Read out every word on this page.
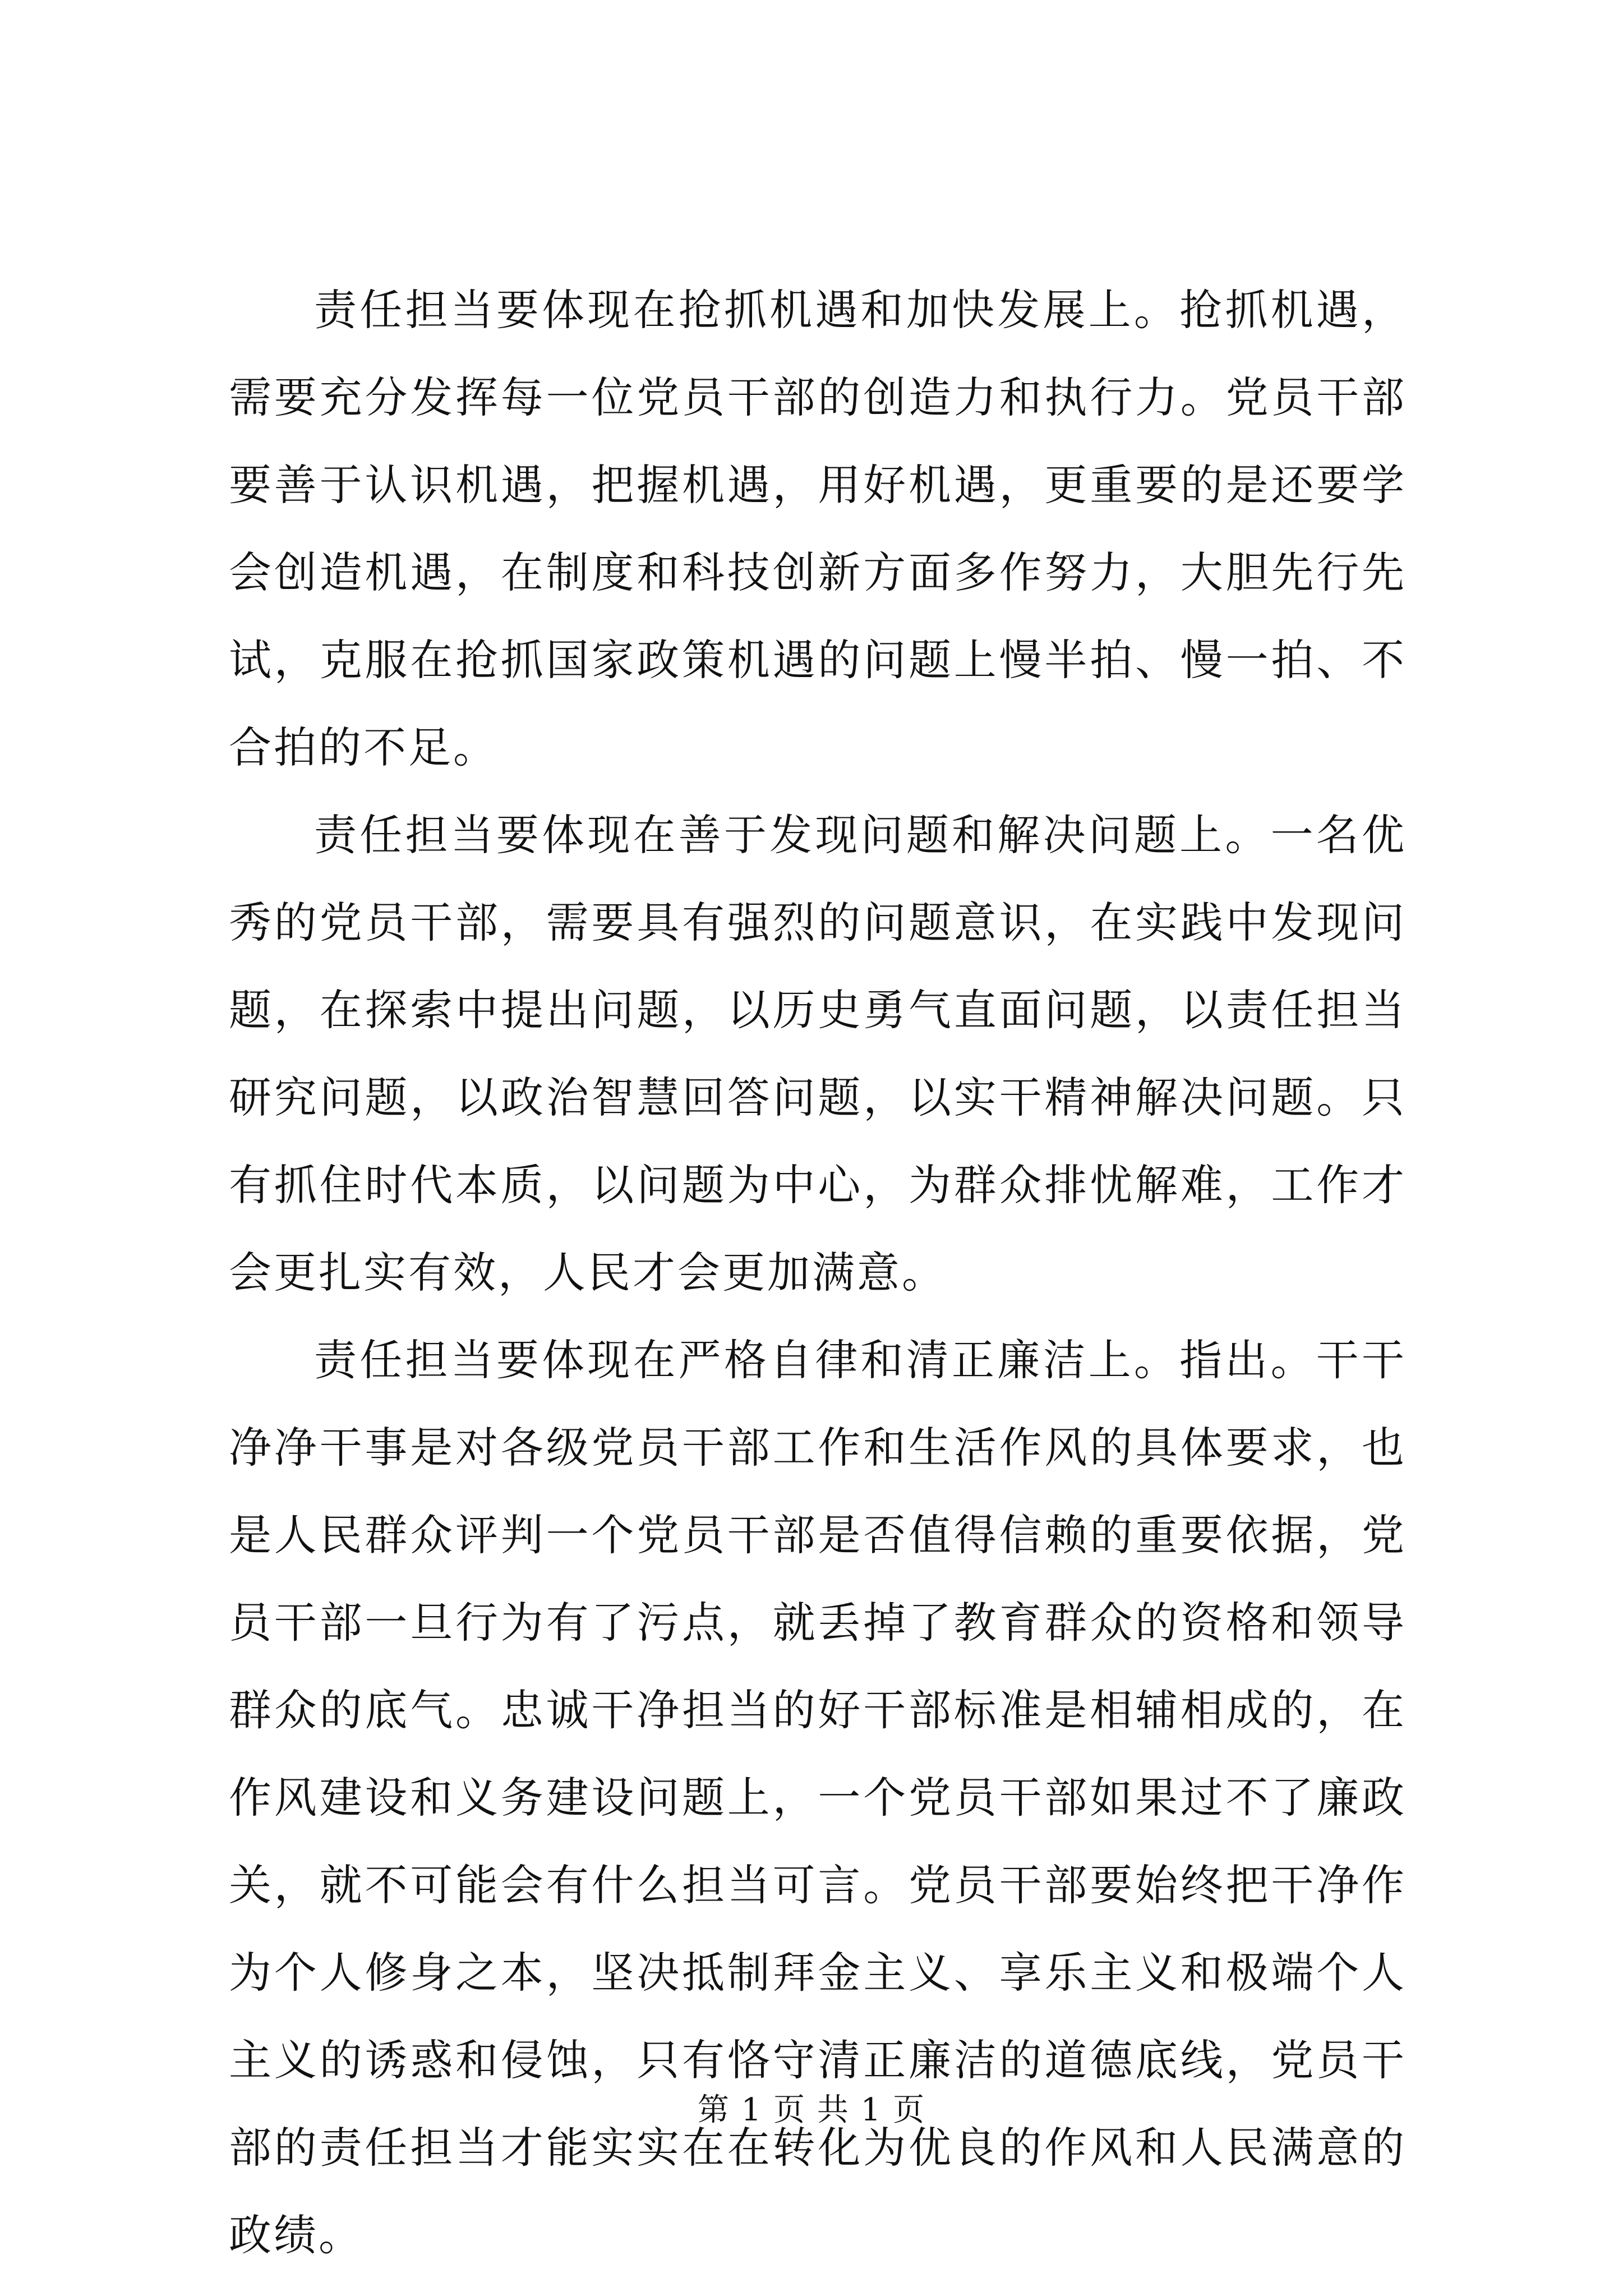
责任担当要体现在抢抓机遇和加快发展上。抢抓机遇，需要充分发挥每一位党员干部的创造力和执行力。党员干部要善于认识机遇，把握机遇，用好机遇，更重要的是还要学会创造机遇，在制度和科技创新方面多作努力，大胆先行先试，克服在抢抓国家政策机遇的问题上慢半拍、慢一拍、不合拍的不足。

责任担当要体现在善于发现问题和解决问题上。一名优秀的党员干部，需要具有强烈的问题意识，在实践中发现问题，在探索中提出问题，以历史勇气直面问题，以责任担当研究问题，以政治智慧回答问题，以实干精神解决问题。只有抓住时代本质，以问题为中心，为群众排忧解难，工作才会更扎实有效，人民才会更加满意。

责任担当要体现在严格自律和清正廉洁上。指出。干干净净干事是对各级党员干部工作和生活作风的具体要求，也是人民群众评判一个党员干部是否值得信赖的重要依据，党员干部一旦行为有了污点，就丢掉了教育群众的资格和领导群众的底气。忠诚干净担当的好干部标准是相辅相成的，在作风建设和义务建设问题上，一个党员干部如果过不了廉政关，就不可能会有什么担当可言。党员干部要始终把干净作为个人修身之本，坚决抵制拜金主义、享乐主义和极端个人主义的诱惑和侵蚀，只有恪守清正廉洁的道德底线，党员干部的责任担当才能实实在在转化为优良的作风和人民满意的政绩。

第 1 页 共 1 页
